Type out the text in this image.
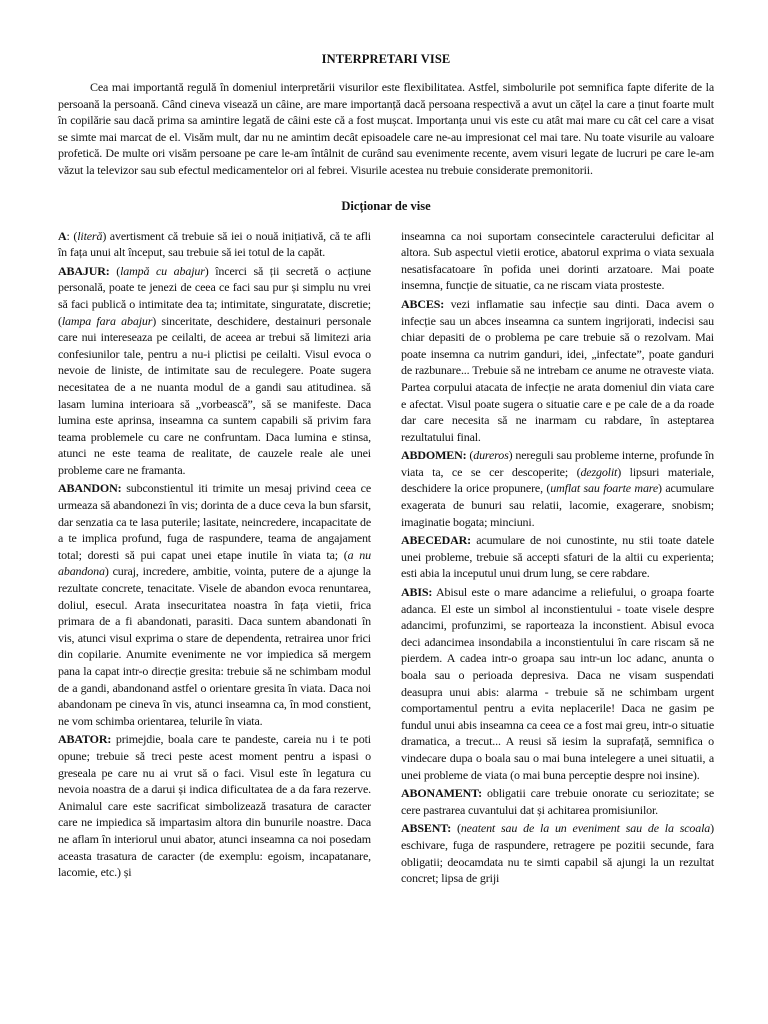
INTERPRETARI VISE

Cea mai importantă regulă în domeniul interpretării visurilor este flexibilitatea. Astfel, simbolurile pot semnifica fapte diferite de la persoană la persoană. Când cineva visează un câine, are mare importanță dacă persoana respectivă a avut un cățel la care a ținut foarte mult în copilărie sau dacă prima sa amintire legată de câini este că a fost mușcat. Importanța unui vis este cu atât mai mare cu cât cel care a visat se simte mai marcat de el. Visăm mult, dar nu ne amintim decât episoadele care ne-au impresionat cel mai tare. Nu toate visurile au valoare profetică. De multe ori visăm persoane pe care le-am întâlnit de curând sau evenimente recente, avem visuri legate de lucruri pe care le-am văzut la televizor sau sub efectul medicamentelor ori al febrei. Visurile acestea nu trebuie considerate premonitorii.

Dicționar de vise

A: (literă) avertisment că trebuie să iei o nouă inițiativă, că te afli în fața unui alt început, sau trebuie să iei totul de la capăt.

ABAJUR: (lampă cu abajur) încerci să ții secretă o acțiune personală, poate te jenezi de ceea ce faci sau pur și simplu nu vrei să faci publică o intimitate dea ta; intimitate, singuratate, discretie; (lampa fara abajur) sinceritate, deschidere, destainuri personale care nui intereseaza pe ceilalti, de aceea ar trebui să limitezi aria confesiunilor tale, pentru a nu-i plictisi pe ceilalti. Visul evoca o nevoie de liniste, de intimitate sau de reculegere. Poate sugera necesitatea de a ne nuanta modul de a gandi sau atitudinea. să lasam lumina interioara să „vorbească”, să se manifeste. Daca lumina este aprinsa, inseamna ca suntem capabili să privim fara teama problemele cu care ne confruntam. Daca lumina e stinsa, atunci ne este teama de realitate, de cauzele reale ale unei probleme care ne framanta.

ABANDON: subconstientul iti trimite un mesaj privind ceea ce urmeaza să abandonezi în vis; dorinta de a duce ceva la bun sfarsit, dar senzatia ca te lasa puterile; lasitate, neincredere, incapacitate de a te implica profund, fuga de raspundere, teama de angajament total; doresti să pui capat unei etape inutile în viata ta; (a nu abandona) curaj, incredere, ambitie, vointa, putere de a ajunge la rezultate concrete, tenacitate. Visele de abandon evoca renuntarea, doliul, esecul. Arata insecuritatea noastra în fața vietii, frica primara de a fi abandonati, parasiti. Daca suntem abandonati în vis, atunci visul exprima o stare de dependenta, retrairea unor frici din copilarie. Anumite evenimente ne vor impiedica să mergem pana la capat intr-o direcție gresita: trebuie să ne schimbam modul de a gandi, abandonand astfel o orientare gresita în viata. Daca noi abandonam pe cineva în vis, atunci inseamna ca, în mod constient, ne vom schimba orientarea, telurile în viata.

ABATOR: primejdie, boala care te pandeste, careia nu i te poti opune; trebuie să treci peste acest moment pentru a ispasi o greseala pe care nu ai vrut să o faci. Visul este în legatura cu nevoia noastra de a darui și indica dificultatea de a da fara rezerve. Animalul care este sacrificat simbolizează trasatura de caracter care ne impiedica să impartasim altora din bunurile noastre. Daca ne aflam în interiorul unui abator, atunci inseamna ca noi posedam aceasta trasatura de caracter (de exemplu: egoism, incapatanare, lacomie, etc.) și

inseamna ca noi suportam consecintele caracterului deficitar al altora. Sub aspectul vietii erotice, abatorul exprima o viata sexuala nesatisfacatoare în pofida unei dorinti arzatoare. Mai poate insemna, funcție de situatie, ca ne riscam viata prosteste.

ABCES: vezi inflamatie sau infecție sau dinti. Daca avem o infecție sau un abces inseamna ca suntem ingrijorati, indecisi sau chiar depasiti de o problema pe care trebuie să o rezolvam. Mai poate insemna ca nutrim ganduri, idei, „infectate”, poate ganduri de razbunare... Trebuie să ne intrebam ce anume ne otraveste viata. Partea corpului atacata de infecție ne arata domeniul din viata care e afectat. Visul poate sugera o situatie care e pe cale de a da roade dar care necesita să ne inarmam cu rabdare, în asteptarea rezultatului final.

ABDOMEN: (dureros) nereguli sau probleme interne, profunde în viata ta, ce se cer descoperite; (dezgolit) lipsuri materiale, deschidere la orice propunere, (umflat sau foarte mare) acumulare exagerata de bunuri sau relatii, lacomie, exagerare, snobism; imaginatie bogata; minciuni.

ABECEDAR: acumulare de noi cunostinte, nu stii toate datele unei probleme, trebuie să accepti sfaturi de la altii cu experienta; esti abia la inceputul unui drum lung, se cere rabdare.

ABIS: Abisul este o mare adancime a reliefului, o groapa foarte adanca. El este un simbol al inconstientului - toate visele despre adancimi, profunzimi, se raporteaza la inconstient. Abisul evoca deci adancimea insondabila a inconstientului în care riscam să ne pierdem. A cadea intr-o groapa sau intr-un loc adanc, anunta o boala sau o perioada depresiva. Daca ne visam suspendati deasupra unui abis: alarma - trebuie să ne schimbam urgent comportamentul pentru a evita neplacerile! Daca ne gasim pe fundul unui abis inseamna ca ceea ce a fost mai greu, intr-o situatie dramatica, a trecut... A reusi să iesim la suprafață, semnifica o vindecare dupa o boala sau o mai buna intelegere a unei situatii, a unei probleme de viata (o mai buna perceptie despre noi insine).

ABONAMENT: obligatii care trebuie onorate cu seriozitate; se cere pastrarea cuvantului dat și achitarea promisiunilor.

ABSENT: (neatent sau de la un eveniment sau de la scoala) eschivare, fuga de raspundere, retragere pe pozitii secunde, fara obligatii; deocamdata nu te simti capabil să ajungi la un rezultat concret; lipsa de griji
